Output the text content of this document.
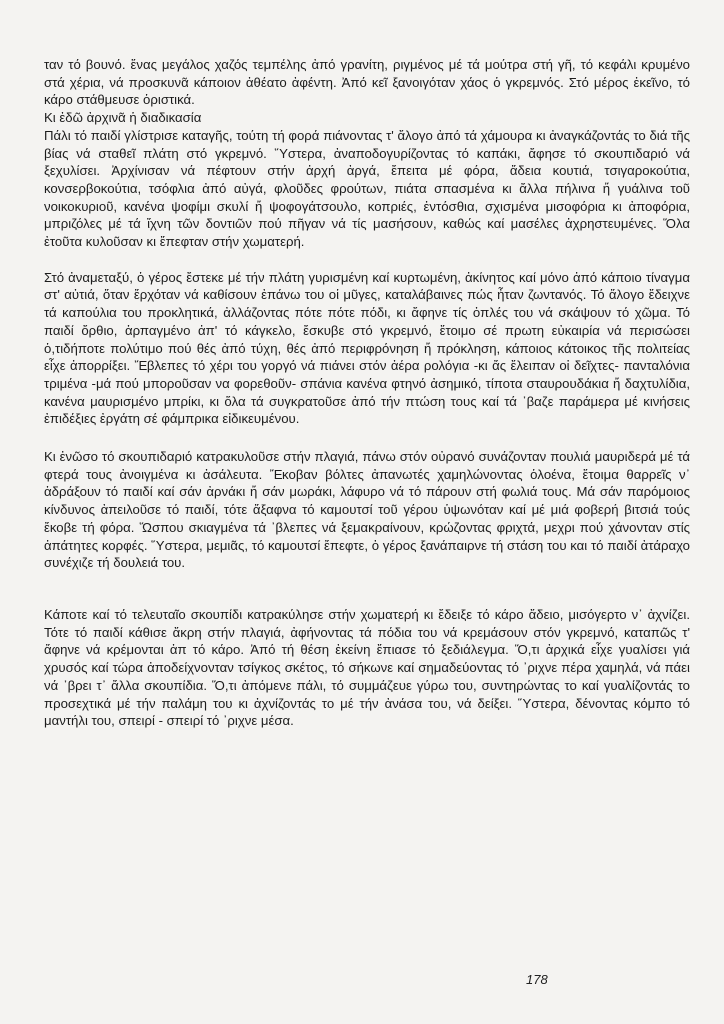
ταν τό βουνό. ἕνας μεγάλος χαζός τεμπέλης ἀπό γρανίτη, ριγμένος μέ τά μούτρα στή γῆ, τό κεφάλι κρυμένο στά χέρια, νά προσκυνᾶ κάποιον ἀθέατο ἀφέντη. Ἀπό κεῖ ξανοιγόταν χάος ὁ γκρεμνός. Στό μέρος ἐκεῖνο, τό κάρο στάθμευσε ὁριστικά.

Κι ἐδῶ ἀρχινᾶ ἡ διαδικασία

Πάλι τό παιδί γλίστρισε καταγῆς, τούτη τή φορά πιάνοντας τ' ἄλογο ἀπό τά χάμουρα κι ἀναγκάζοντάς το διά τῆς βίας νά σταθεῖ πλάτη στό γκρεμνό. Ὕστερα, ἀναποδογυρίζοντας τό καπάκι, ἄφησε τό σκουπιδαριό νά ξεχυλίσει. Ἀρχίνισαν νά πέφτουν στήν ἀρχή ἀργά, ἔπειτα μέ φόρα, ἄδεια κουτιά, τσιγαροκούτια, κονσερβοκούτια, τσόφλια ἀπό αὐγά, φλοῦδες φρούτων, πιάτα σπασμένα κι ἄλλα πήλινα ἤ γυάλινα τοῦ νοικοκυριοῦ, κανένα ψοφίμι σκυλί ἤ ψοφογάτσουλο, κοπριές, ἐντόσθια, σχισμένα μισοφόρια κι ἀποφόρια, μπριζόλες μέ τά ἴχνη τῶν δοντιῶν πού πῆγαν νά τίς μασήσουν, καθώς καί μασέλες ἀχρηστευμένες. Ὅλα ἐτοῦτα κυλοῦσαν κι ἔπεφταν στήν χωματερή.

Στό ἀναμεταξύ, ὁ γέρος ἔστεκε μέ τήν πλάτη γυρισμένη καί κυρτωμένη, ἀκίνητος καί μόνο ἀπό κάποιο τίναγμα στ' αὐτιά, ὅταν ἔρχόταν νά καθίσουν ἐπάνω του οἱ μῦγες, καταλάβαινες πώς ἦταν ζωντανός. Τό ἄλογο ἔδειχνε τά καπούλια του προκλητικά, ἀλλάζοντας πότε πότε πόδι, κι ἄφηνε τίς ὀπλές του νά σκάψουν τό χῶμα. Τό παιδί ὄρθιο, ἁρπαγμένο ἀπ' τό κάγκελο, ἔσκυβε στό γκρεμνό, ἕτοιμο σέ πρωτη εὐκαιρία νά περισώσει ὁ,τιδήποτε πολύτιμο πού θές ἀπό τύχη, θές ἀπό περιφρόνηση ἤ πρόκληση, κάποιος κάτοικος τῆς πολιτείας εἶχε ἀπορρίξει. Ἔβλεπες τό χέρι του γοργό νά πιάνει στόν ἀέρα ρολόγια -κι ἄς ἔλειπαν οἱ δεῖχτες- πανταλόνια τριμένα -μά πού μποροῦσαν να φορεθοῦν- σπάνια κανένα φτηνό ἀσημικό, τίποτα σταυρουδάκια ἤ δαχτυλίδια, κανένα μαυρισμένο μπρίκι, κι ὅλα τά συγκρατοῦσε ἀπό τήν πτώση τους καί τά ᾽βαζε παράμερα μέ κινήσεις ἐπιδέξιες ἐργάτη σέ φάμπρικα εἰδικευμένου.

Κι ἐνῶσο τό σκουπιδαριό κατρακυλοῦσε στήν πλαγιά, πάνω στόν οὐρανό συνάζονταν πουλιά μαυριδερά μέ τά φτερά τους ἀνοιγμένα κι ἀσάλευτα. Ἔκοβαν βόλτες ἀπανωτές χαμηλώνοντας ὁλοένα, ἕτοιμα θαρρεῖς ν᾽ ἁδράξουν τό παιδί καί σάν ἀρνάκι ἤ σάν μωράκι, λάφυρο νά τό πάρουν στή φωλιά τους. Μά σάν παρόμοιος κίνδυνος ἀπειλοῦσε τό παιδί, τότε ἄξαφνα τό καμουτσί τοῦ γέρου ὑψωνόταν καί μέ μιά φοβερή βιτσιά τούς ἔκοβε τή φόρα. Ὥσπου σκιαγμένα τά ᾽βλεπες νά ξεμακραίνουν, κρώζοντας φριχτά, μεχρι πού χάνονταν στίς ἀπάτητες κορφές. Ὕστερα, μεμιᾶς, τό καμουτσί ἔπεφτε, ὁ γέρος ξανάπαιρνε τή στάση του και τό παιδί ἀτάραχο συνέχιζε τή δουλειά του.

Κάποτε καί τό τελευταῖο σκουπίδι κατρακύλησε στήν χωματερή κι ἔδειξε τό κάρο ἄδειο, μισόγερτο ν᾽ ἀχνίζει. Τότε τό παιδί κάθισε ἄκρη στήν πλαγιά, ἀφήνοντας τά πόδια του νά κρεμάσουν στόν γκρεμνό, καταπῶς τ' ἄφηνε νά κρέμονται ἀπ τό κάρο. Ἀπό τή θέση ἐκείνη ἔπιασε τό ξεδιάλεγμα. Ὅ,τι ἀρχικά εἶχε γυαλίσει γιά χρυσός καί τώρα ἀποδείχνονταν τσίγκος σκέτος, τό σήκωνε καί σημαδεύοντας τό ᾽ριχνε πέρα χαμηλά, νά πάει νά ᾽βρει τ᾽ ἄλλα σκουπίδια. Ὅ,τι ἀπόμενε πάλι, τό συμμάζευε γύρω του, συντηρώντας το καί γυαλίζοντάς το προσεχτικά μέ τήν παλάμη του κι ἀχνίζοντάς το μέ τήν ἀνάσα του, νά δείξει. Ὕστερα, δένοντας κόμπο τό μαντήλι του, σπειρί - σπειρί τό ᾽ριχνε μέσα.

178
